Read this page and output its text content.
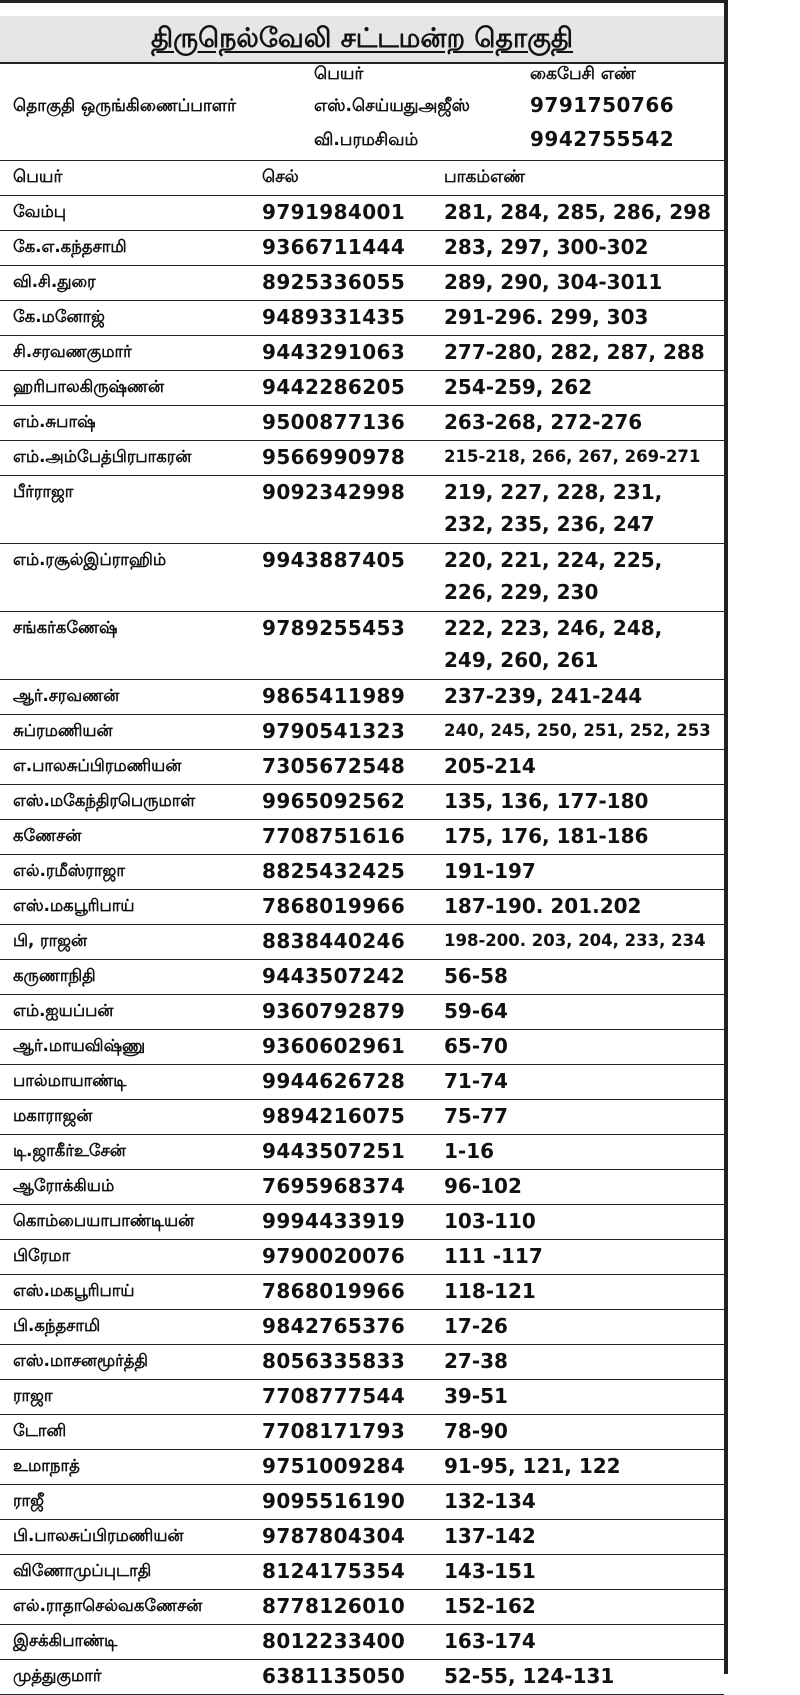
திருநெல்வேலி சட்டமன்ற தொகுதி
பெயர்	கைபேசி எண்
தொகுதி ஒருங்கிணைப்பாளர்	எஸ்.செய்யதுஅஜீஸ்	9791750766
வி.பரமசிவம்	9942755542
பெயர்	செல்	பாகம்எண்
வேம்பு	9791984001 281, 284, 285, 286, 298
கே.எ.கந்தசாமி	9366711444 283, 297, 300-302
வி.சி.துரை	8925336055 289, 290, 304-3011
கே.மனோஜ்	9489331435 291-296. 299, 303
சி.சரவணகுமார்	9443291063 277-280, 282, 287, 288
ஹரிபாலகிருஷ்ணன்	9442286205 254-259, 262
எம்.சுபாஷ்	9500877136 263-268, 272-276
எம்.அம்பேத்பிரபாகரன்	9566990978 215-218, 266, 267, 269-271
பீர்ராஜா	9092342998 219, 227, 228, 231,
232, 235, 236, 247
எம்.ரசூல்இப்ராஹிம்	9943887405 220, 221, 224, 225,
226, 229, 230
சங்கர்கணேஷ்	9789255453 222, 223, 246, 248,
249, 260, 261
ஆர்.சரவணன்	9865411989 237-239, 241-244
சுப்ரமணியன்	9790541323 240, 245, 250, 251, 252, 253
எ.பாலசுப்பிரமணியன்	7305672548 205-214
எஸ்.மகேந்திரபெருமாள்	9965092562 135, 136, 177-180
கணேசன்	7708751616 175, 176, 181-186
எல்.ரமீஸ்ராஜா	8825432425 191-197
எஸ்.மகபூரிபாய்	7868019966 187-190. 201.202
பி, ராஜன்	8838440246 198-200. 203, 204, 233, 234
கருணாநிதி	9443507242 56-58
எம்.ஐயப்பன்	9360792879 59-64
ஆர்.மாயவிஷ்ணு	9360602961 65-70
பால்மாயாண்டி	9944626728 71-74
மகாராஜன்	9894216075 75-77
டி.ஜாகீர்உசேன்	9443507251 1-16
ஆரோக்கியம்	7695968374 96-102
கொம்பையாபாண்டியன்	9994433919 103-110
பிரேமா	9790020076 111 -117
எஸ்.மகபூரிபாய்	7868019966 118-121
பி.கந்தசாமி	9842765376 17-26
எஸ்.மாசனமூர்த்தி	8056335833 27-38
ராஜா	7708777544 39-51
டோனி	7708171793 78-90
உமாநாத்	9751009284 91-95, 121, 122
ராஜீ	9095516190 132-134
பி.பாலசுப்பிரமணியன்	9787804304 137-142
விணோமுப்புடாதி	8124175354 143-151
எல்.ராதாசெல்வகணேசன்	8778126010 152-162
இசக்கிபாண்டி	8012233400 163-174
முத்துகுமார்	6381135050 52-55, 124-131
